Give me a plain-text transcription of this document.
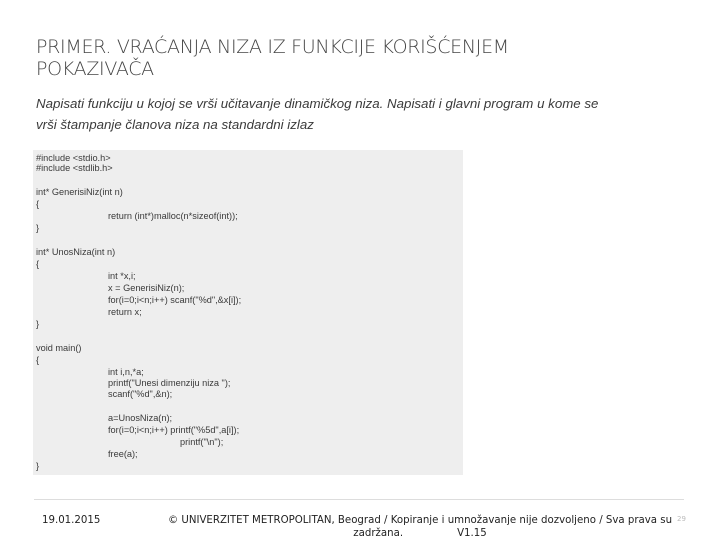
PRIMER. VRAĆANJA NIZA IZ FUNKCIJE KORIŠĆENJEM
POKAZIVAČA
Napisati funkciju u kojoj se vrši učitavanje dinamičkog niza. Napisati i glavni program u kome se
vrši štampanje članova niza na standardni izlaz
#include <stdio.h>
#include <stdlib.h>
int* GenerisiNiz(int n)
{
return (int*)malloc(n*sizeof(int));
}
int* UnosNiza(int n)
{
int *x,i;
x = GenerisiNiz(n);
for(i=0;i<n;i++) scanf("%d",&x[i]);
return x;
}
void main()
{
int i,n,*a;
printf("Unesi dimenziju niza ");
scanf("%d",&n);
a=UnosNiza(n);
for(i=0;i<n;i++) printf("%5d",a[i]);
printf("\n");
free(a);
}
19.01.2015	© UNIVERZITET METROPOLITAN, Beograd / Kopiranje i umnožavanje nije dozvoljeno / Sva prava su
zadržana.	V1.15
29
